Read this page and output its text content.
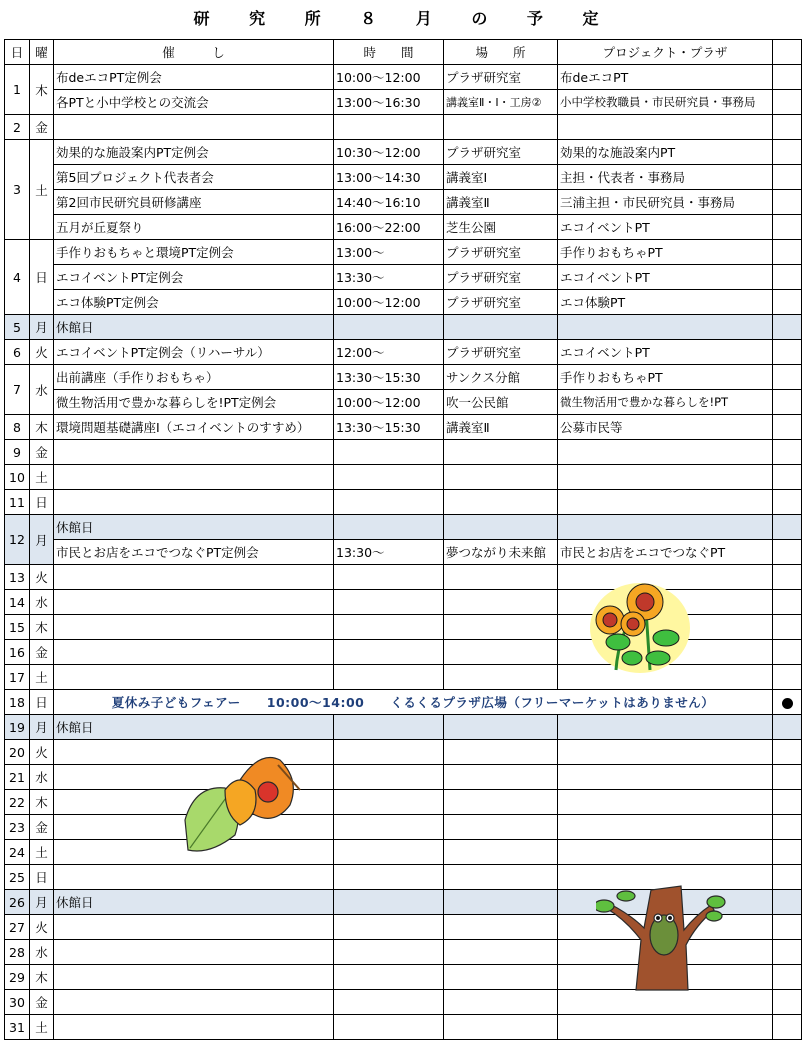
研 究 所 ８ 月 の 予 定
日	曜	催　　　し	時　　間	場　　所	プロジェクト・プラザ	
1	木	布deエコPT定例会	10:00～12:00	プラザ研究室	布deエコPT	
		各PTと小中学校との交流会	13:00～16:30	講義室Ⅱ・Ⅰ・工房②	小中学校教職員・市民研究員・事務局	
2	金					
3	土	効果的な施設案内PT定例会	10:30～12:00	プラザ研究室	効果的な施設案内PT	
		第5回プロジェクト代表者会	13:00～14:30	講義室Ⅰ	主担・代表者・事務局	
		第2回市民研究員研修講座	14:40～16:10	講義室Ⅱ	三浦主担・市民研究員・事務局	
		五月が丘夏祭り	16:00～22:00	芝生公園	エコイベントPT	
4	日	手作りおもちゃと環境PT定例会	13:00～	プラザ研究室	手作りおもちゃPT	
		エコイベントPT定例会	13:30～	プラザ研究室	エコイベントPT	
		エコ体験PT定例会	10:00～12:00	プラザ研究室	エコ体験PT	
5	月	休館日				
6	火	エコイベントPT定例会（リハーサル）	12:00～	プラザ研究室	エコイベントPT	
7	水	出前講座（手作りおもちゃ）	13:30～15:30	サンクス分館	手作りおもちゃPT	
		微生物活用で豊かな暮らしを!PT定例会	10:00～12:00	吹一公民館	微生物活用で豊かな暮らしを!PT	
8	木	環境問題基礎講座Ⅰ（エコイベントのすすめ）	13:30～15:30	講義室Ⅱ	公募市民等	
9	金					
10	土					
11	日					
12	月	休館日				
		市民とお店をエコでつなぐPT定例会	13:30～	夢つながり未来館	市民とお店をエコでつなぐPT	
13	火					
14	水					
15	木					
16	金					
17	土					
18	日	夏休み子どもフェアー　　10:00～14:00　　くるくるプラザ広場（フリーマーケットはありません）				
19	月	休館日				
20	火					
21	水					
22	木					
23	金					
24	土					
25	日					
26	月	休館日				
27	火					
28	水					
29	木					
30	金					
31	土					
